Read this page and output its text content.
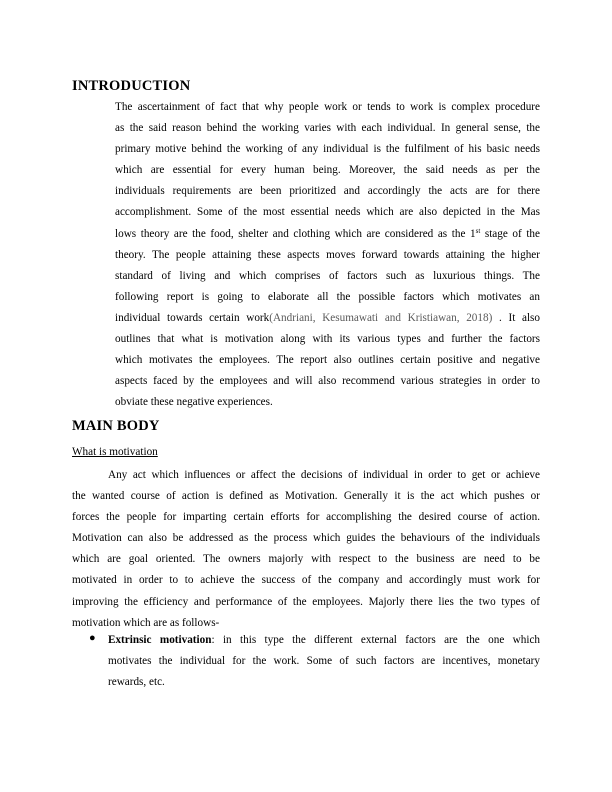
INTRODUCTION
The ascertainment of fact that why people work or tends to work is complex procedure
as the said reason behind the working varies with each individual. In general sense, the
primary motive behind the working of any individual is the fulfilment of his basic needs
which are essential for every human being. Moreover, the said needs as per the
individuals requirements are been prioritized and accordingly the acts are for there
accomplishment. Some of the most essential needs which are also depicted in the Mas
lows theory are the food, shelter and clothing which are considered as the 1st stage of the
theory. The people attaining these aspects moves forward towards attaining the higher
standard of living and which comprises of factors such as luxurious things. The
following report is going to elaborate all the possible factors which motivates an
individual towards certain work(Andriani, Kesumawati and Kristiawan, 2018) . It also
outlines that what is motivation along with its various types and further the factors
which motivates the employees. The report also outlines certain positive and negative
aspects faced by the employees and will also recommend various strategies in order to
obviate these negative experiences.
MAIN BODY
What is motivation
Any act which influences or affect the decisions of individual in order to get or achieve
the wanted course of action is defined as Motivation. Generally it is the act which pushes or
forces the people for imparting certain efforts for accomplishing the desired course of action.
Motivation can also be addressed as the process which guides the behaviours of the individuals
which are goal oriented. The owners majorly with respect to the business are need to be
motivated in order to to achieve the success of the company and accordingly must work for
improving the efficiency and performance of the employees. Majorly there lies the two types of
motivation which are as follows-
● Extrinsic motivation: in this type the different external factors are the one which
motivates the individual for the work. Some of such factors are incentives, monetary
rewards, etc.
